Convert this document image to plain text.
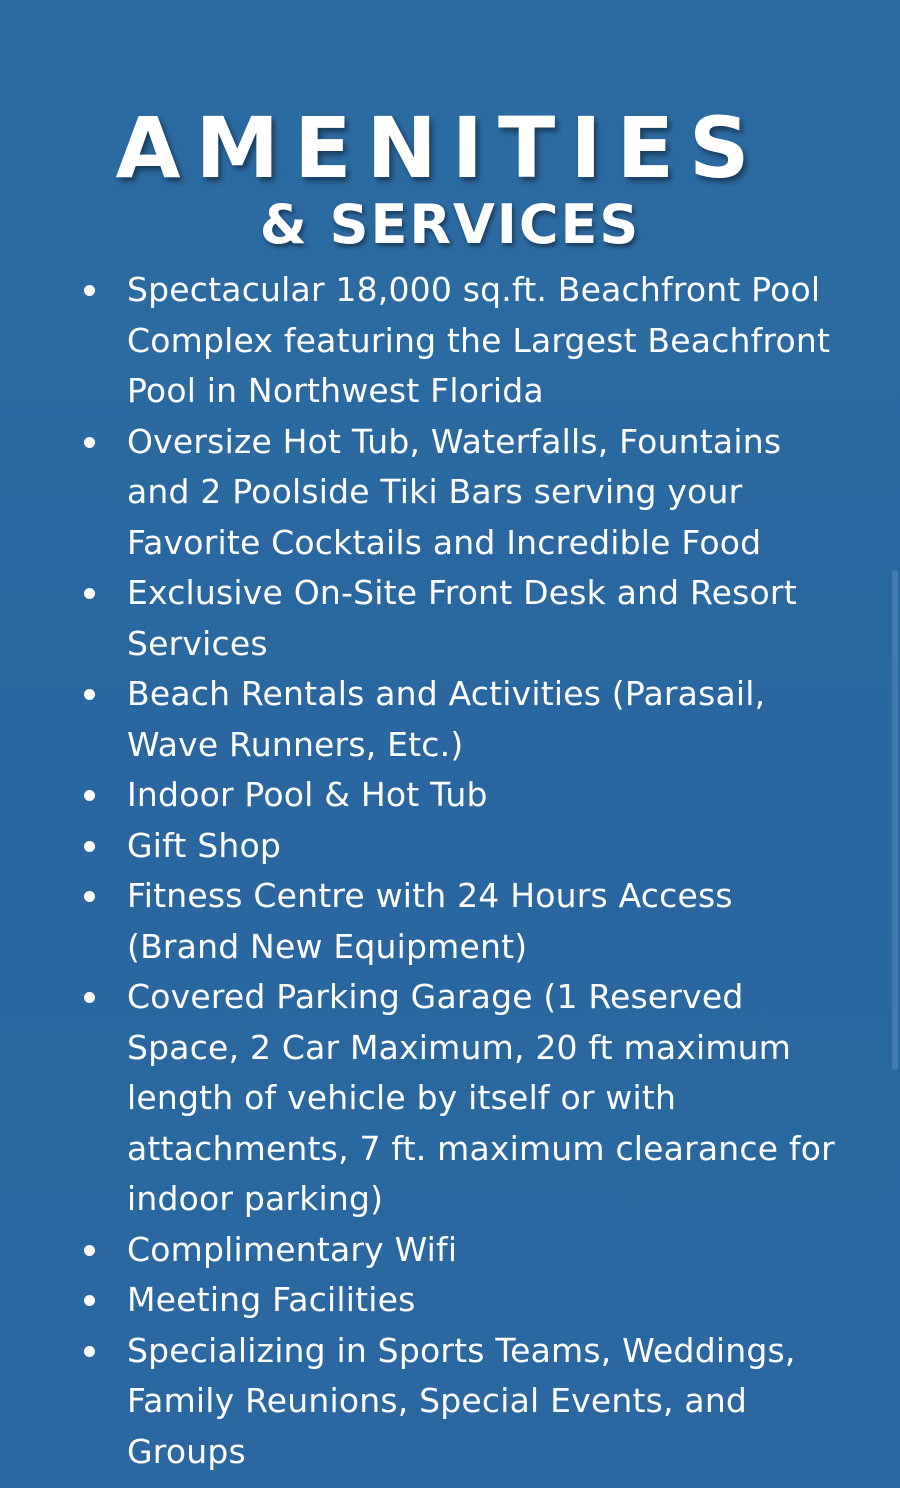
AMENITIES
& SERVICES
Spectacular 18,000 sq.ft. Beachfront Pool Complex featuring the Largest Beachfront Pool in Northwest Florida
Oversize Hot Tub, Waterfalls, Fountains and 2 Poolside Tiki Bars serving your Favorite Cocktails and Incredible Food
Exclusive On-Site Front Desk and Resort Services
Beach Rentals and Activities (Parasail, Wave Runners, Etc.)
Indoor Pool & Hot Tub
Gift Shop
Fitness Centre with 24 Hours Access (Brand New Equipment)
Covered Parking Garage (1 Reserved Space, 2 Car Maximum, 20 ft maximum length of vehicle by itself or with attachments, 7 ft. maximum clearance for indoor parking)
Complimentary Wifi
Meeting Facilities
Specializing in Sports Teams, Weddings, Family Reunions, Special Events, and Groups
